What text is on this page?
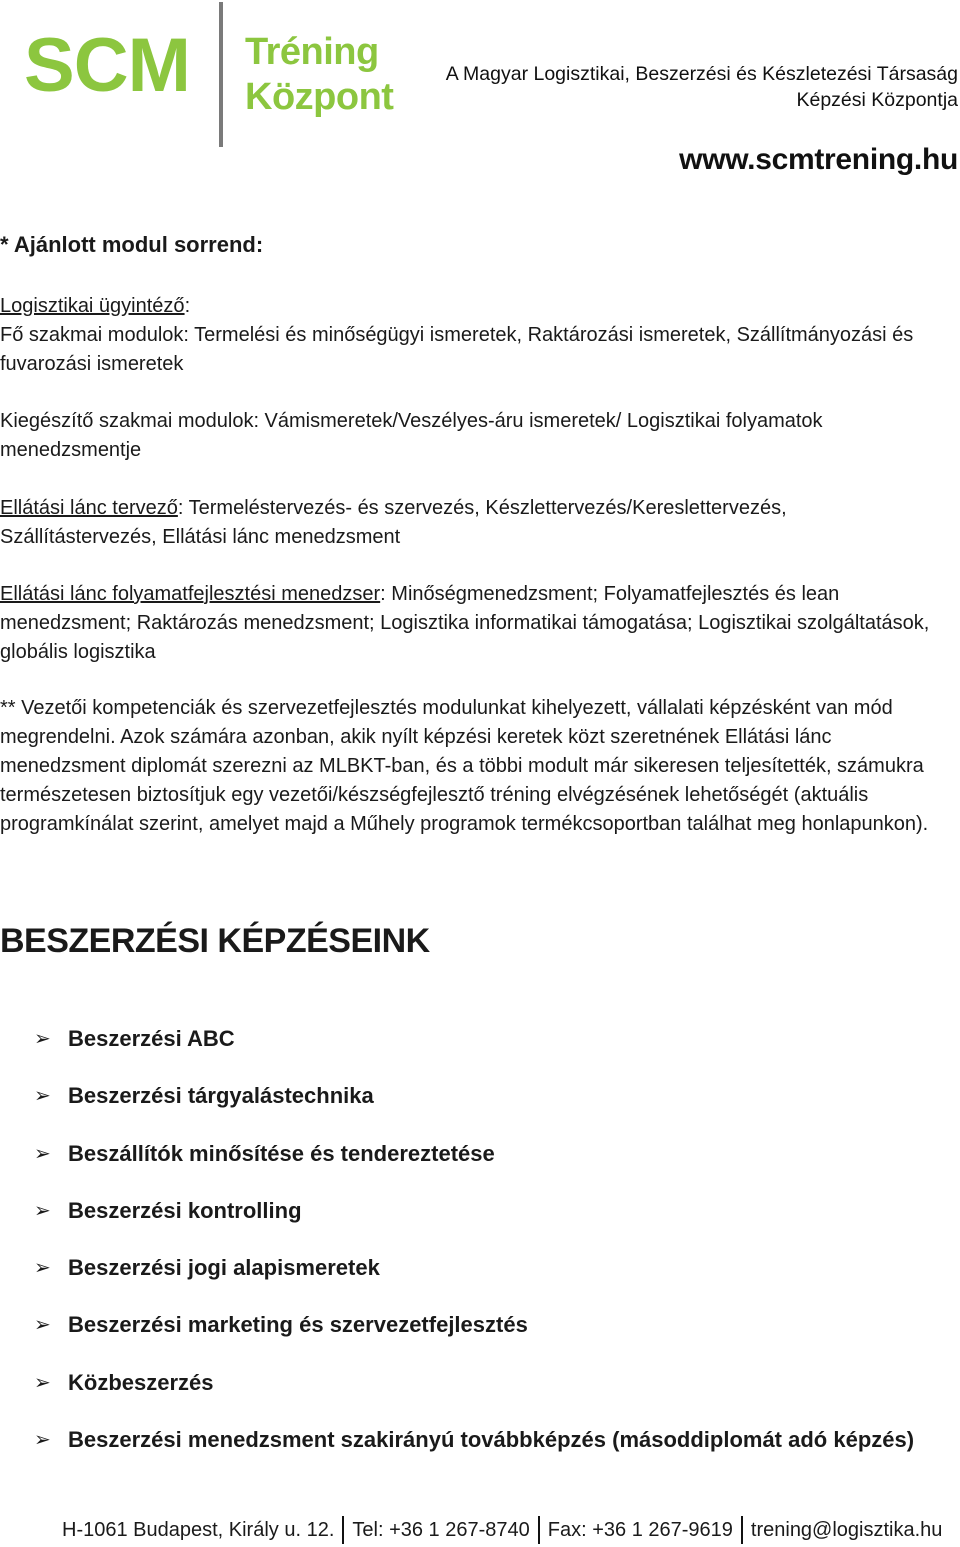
SCM Tréning
Központ
A Magyar Logisztikai, Beszerzési és Készletezési Társaság
Képzési Központja
www.scmtrening.hu
* Ajánlott modul sorrend:
Logisztikai ügyintéző:
Fő szakmai modulok: Termelési és minőségügyi ismeretek, Raktározási ismeretek, Szállítmányozási és
fuvarozási ismeretek
Kiegészítő szakmai modulok: Vámismeretek/Veszélyes-áru ismeretek/ Logisztikai folyamatok
menedzsmentje
Ellátási lánc tervező: Termeléstervezés- és szervezés, Készlettervezés/Kereslettervezés,
Szállítástervezés, Ellátási lánc menedzsment
Ellátási lánc folyamatfejlesztési menedzser: Minőségmenedzsment; Folyamatfejlesztés és lean
menedzsment; Raktározás menedzsment; Logisztika informatikai támogatása; Logisztikai szolgáltatások,
globális logisztika
** Vezetői kompetenciák és szervezetfejlesztés modulunkat kihelyezett, vállalati képzésként van mód
megrendelni. Azok számára azonban, akik nyílt képzési keretek közt szeretnének Ellátási lánc
menedzsment diplomát szerezni az MLBKT-ban, és a többi modult már sikeresen teljesítették, számukra
természetesen biztosítjuk egy vezetői/készségfejlesztő tréning elvégzésének lehetőségét (aktuális
programkínálat szerint, amelyet majd a Műhely programok termékcsoportban találhat meg honlapunkon).
BESZERZÉSI KÉPZÉSEINK
➢ Beszerzési ABC
➢ Beszerzési tárgyalástechnika
➢ Beszállítók minősítése és tendereztetése
➢ Beszerzési kontrolling
➢ Beszerzési jogi alapismeretek
➢ Beszerzési marketing és szervezetfejlesztés
➢ Közbeszerzés
➢ Beszerzési menedzsment szakirányú továbbképzés (másoddiplomát adó képzés)
H-1061 Budapest, Király u. 12. Tel: +36 1 267-8740 Fax: +36 1 267-9619 trening@logisztika.hu
